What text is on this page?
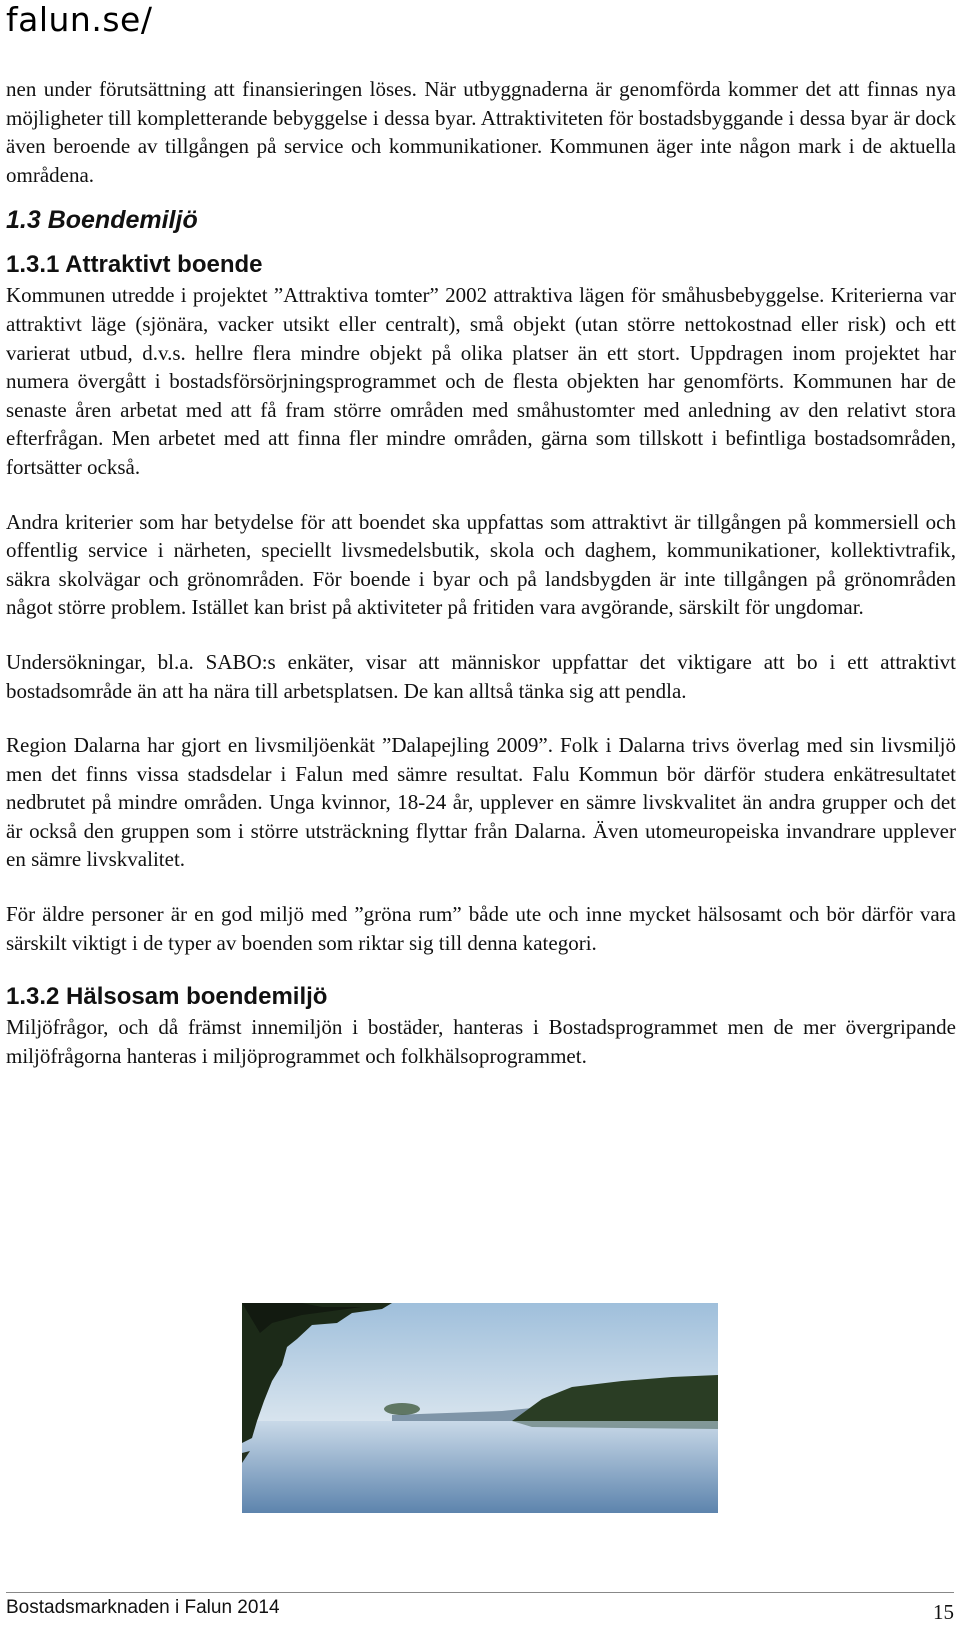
falun.se/

nen under förutsättning att finansieringen löses. När utbyggnaderna är genomförda kommer det att finnas nya möjligheter till kompletterande bebyggelse i dessa byar. Attraktiviteten för bostadsbyggande i dessa byar är dock även beroende av tillgången på service och kommunikationer. Kommunen äger inte någon mark i de aktuella områdena.

1.3 Boendemiljö
1.3.1 Attraktivt boende

Kommunen utredde i projektet ”Attraktiva tomter” 2002 attraktiva lägen för småhusbebyggelse. Kriterierna var attraktivt läge (sjönära, vacker utsikt eller centralt), små objekt (utan större nettokostnad eller risk) och ett varierat utbud, d.v.s. hellre flera mindre objekt på olika platser än ett stort. Uppdragen inom projektet har numera övergått i bostadsförsörjningsprogrammet och de flesta objekten har genomförts. Kommunen har de senaste åren arbetat med att få fram större områden med småhustomter med anledning av den relativt stora efterfrågan. Men arbetet med att finna fler mindre områden, gärna som tillskott i befintliga bostadsområden, fortsätter också.

Andra kriterier som har betydelse för att boendet ska uppfattas som attraktivt är tillgången på kommersiell och offentlig service i närheten, speciellt livsmedelsbutik, skola och daghem, kommunikationer, kollektivtrafik, säkra skolvägar och grönområden. För boende i byar och på landsbygden är inte tillgången på grönområden något större problem. Istället kan brist på aktiviteter på fritiden vara avgörande, särskilt för ungdomar.

Undersökningar, bl.a. SABO:s enkäter, visar att människor uppfattar det viktigare att bo i ett attraktivt bostadsområde än att ha nära till arbetsplatsen. De kan alltså tänka sig att pendla.

Region Dalarna har gjort en livsmiljöenkät ”Dalapejling 2009”. Folk i Dalarna trivs överlag med sin livsmiljö men det finns vissa stadsdelar i Falun med sämre resultat. Falu Kommun bör därför studera enkätresultatet nedbrutet på mindre områden. Unga kvinnor, 18-24 år, upplever en sämre livskvalitet än andra grupper och det är också den gruppen som i större utsträckning flyttar från Dalarna. Även utomeuropeiska invandrare upplever en sämre livskvalitet.

För äldre personer är en god miljö med ”gröna rum” både ute och inne mycket hälsosamt och bör därför vara särskilt viktigt i de typer av boenden som riktar sig till denna kategori.

1.3.2 Hälsosam boendemiljö

Miljöfrågor, och då främst innemiljön i bostäder, hanteras i Bostadsprogrammet men de mer övergripande miljöfrågorna hanteras i miljöprogrammet och folkhälsoprogrammet.

Bostadsmarknaden i Falun 2014	15
